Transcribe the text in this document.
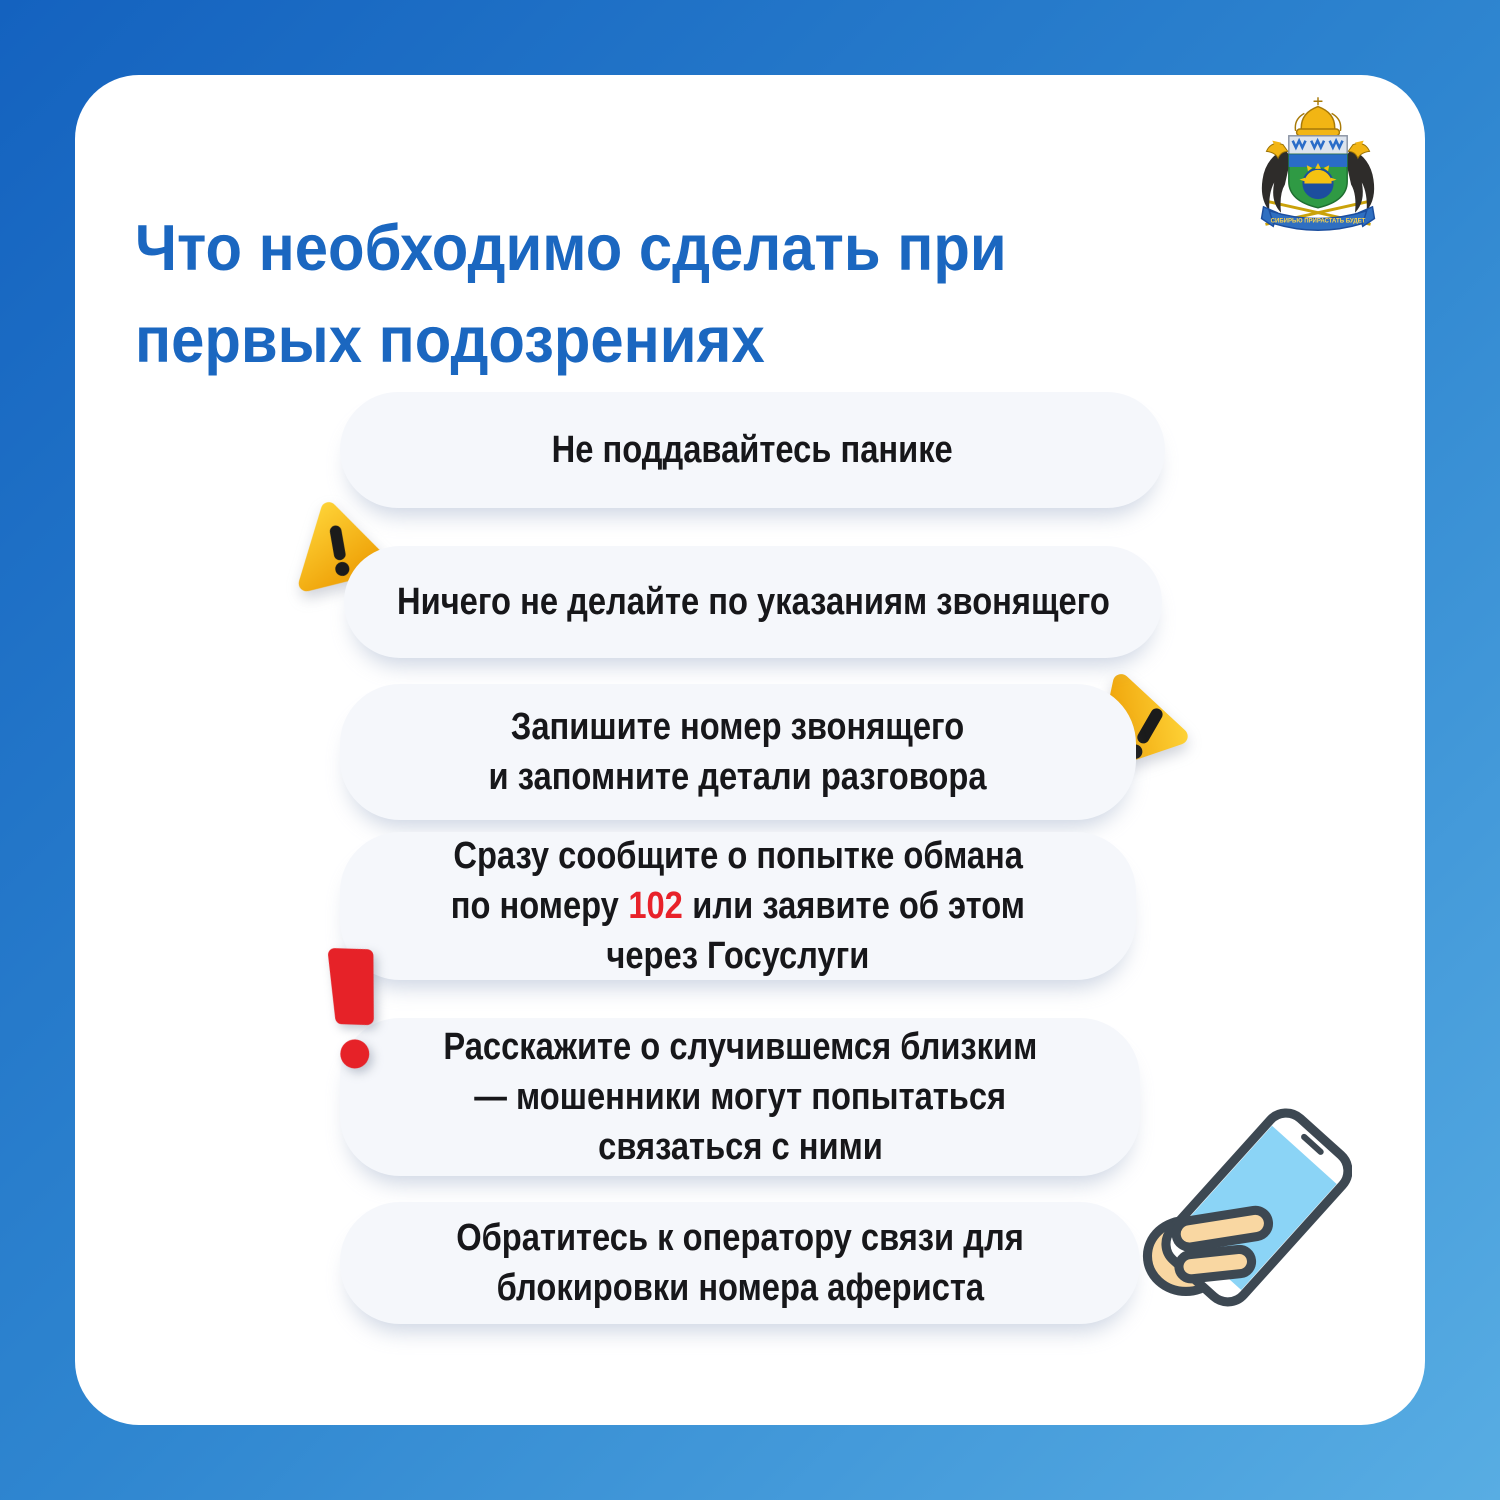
Не поддавайтесь панике

Ничего не делайте по указаниям звонящего

Запишите номер звонящего

и запомните детали разговора

Сразу сообщите о попытке обмана

по номеру 102 или заявите об этом

через Госуслуги

Расскажите о случившемся близким

— мошенники могут попытаться

связаться с ними

Обратитесь к оператору связи для

блокировки номера афериста

СИБИРЬЮ ПРИРАСТАТЬ БУДЕТ
Что необходимо сделать при
первых подозрениях
